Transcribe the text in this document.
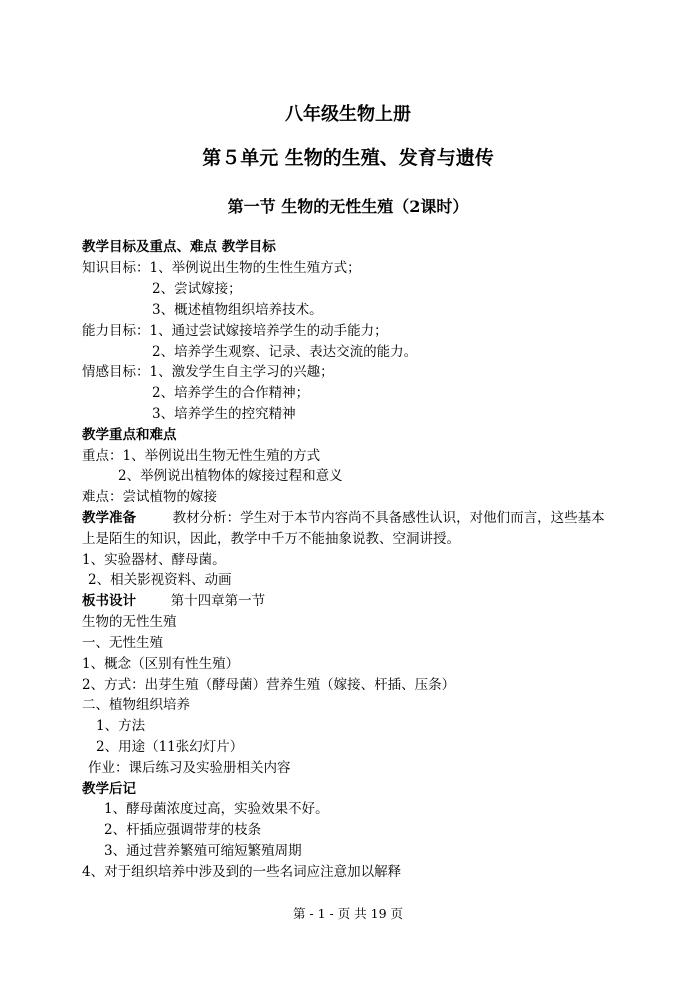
八年级生物上册
第５单元 生物的生殖、发育与遗传
第一节 生物的无性生殖（2课时）
教学目标及重点、难点 教学目标
知识目标：1、举例说出生物的生性生殖方式；
2、尝试嫁接；
3、概述植物组织培养技术。
能力目标：1、通过尝试嫁接培养学生的动手能力；
2、培养学生观察、记录、表达交流的能力。
情感目标：1、激发学生自主学习的兴趣；
2、培养学生的合作精神；
3、培养学生的控究精神
教学重点和难点
重点：1、举例说出生物无性生殖的方式
2、举例说出植物体的嫁接过程和意义
难点：尝试植物的嫁接
教学准备	教材分析：学生对于本节内容尚不具备感性认识，对他们而言，这些基本
上是陌生的知识，因此，教学中千万不能抽象说教、空洞讲授。
1、实验器材、酵母菌。
2、相关影视资料、动画
板书设计	第十四章第一节
生物的无性生殖
一、无性生殖
1、概念（区别有性生殖）
2、方式：出芽生殖（酵母菌）营养生殖（嫁接、杆插、压条）
二、植物组织培养
1、方法
2、用途（11张幻灯片）
作业：课后练习及实验册相关内容
教学后记
1、酵母菌浓度过高，实验效果不好。
2、杆插应强调带芽的枝条
3、通过营养繁殖可缩短繁殖周期
4、对于组织培养中涉及到的一些名词应注意加以解释
第 - 1 - 页 共 19 页
